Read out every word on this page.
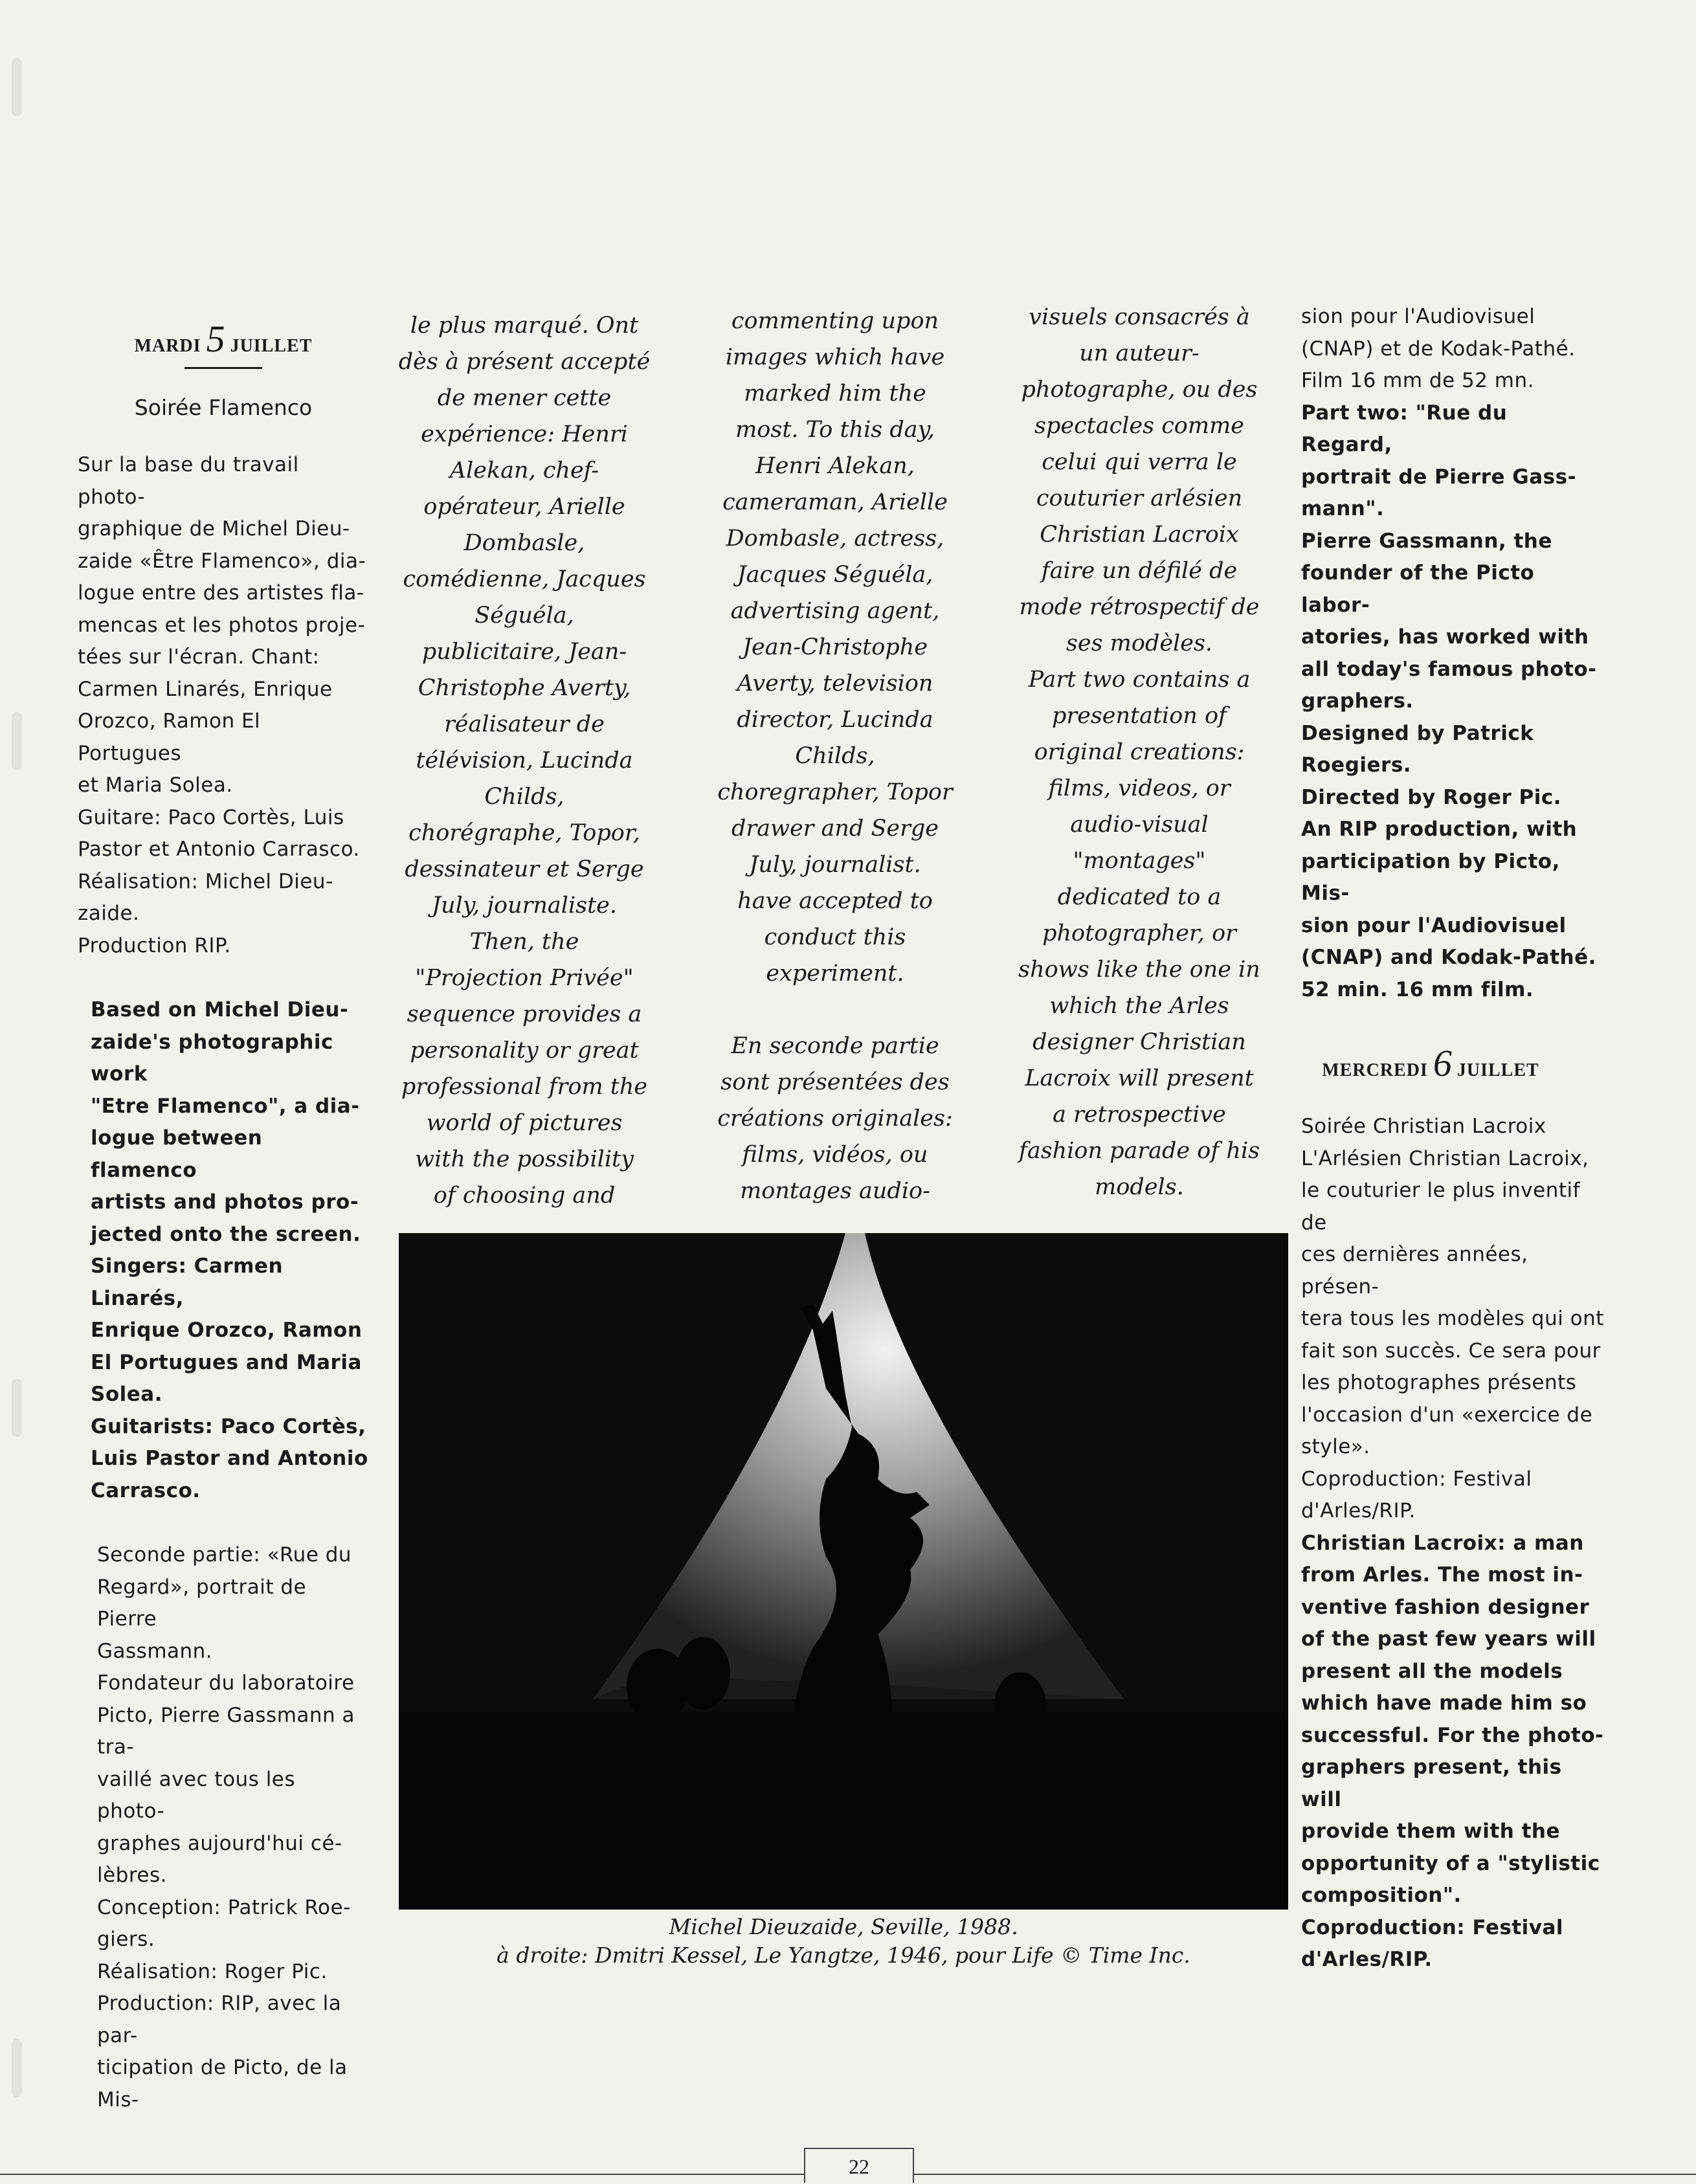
MARDI 5 JUILLET
Soirée Flamenco
Sur la base du travail photo-
graphique de Michel Dieu-
zaide «Être Flamenco», dia-
logue entre des artistes fla-
mencas et les photos proje-
tées sur l'écran. Chant:
Carmen Linarés, Enrique
Orozco, Ramon El Portugues
et Maria Solea.
Guitare: Paco Cortès, Luis
Pastor et Antonio Carrasco.
Réalisation: Michel Dieu-
zaide.
Production RIP.
Based on Michel Dieu-
zaide's photographic work
"Etre Flamenco", a dia-
logue between flamenco
artists and photos pro-
jected onto the screen.
Singers: Carmen Linarés,
Enrique Orozco, Ramon
El Portugues and Maria
Solea.
Guitarists: Paco Cortès,
Luis Pastor and Antonio
Carrasco.
Seconde partie: «Rue du
Regard», portrait de Pierre
Gassmann.
Fondateur du laboratoire
Picto, Pierre Gassmann a tra-
vaillé avec tous les photo-
graphes aujourd'hui cé-
lèbres.
Conception: Patrick Roe-
giers.
Réalisation: Roger Pic.
Production: RIP, avec la par-
ticipation de Picto, de la Mis-
le plus marqué. Ont
dès à présent accepté
de mener cette
expérience: Henri
Alekan, chef-
opérateur, Arielle
Dombasle,
comédienne, Jacques
Séguéla,
publicitaire, Jean-
Christophe Averty,
réalisateur de
télévision, Lucinda
Childs,
chorégraphe, Topor,
dessinateur et Serge
July, journaliste.
Then, the
"Projection Privée"
sequence provides a
personality or great
professional from the
world of pictures
with the possibility
of choosing and
commenting upon
images which have
marked him the
most. To this day,
Henri Alekan,
cameraman, Arielle
Dombasle, actress,
Jacques Séguéla,
advertising agent,
Jean-Christophe
Averty, television
director, Lucinda
Childs,
choregrapher, Topor
drawer and Serge
July, journalist.
have accepted to
conduct this
experiment.
En seconde partie
sont présentées des
créations originales:
films, vidéos, ou
montages audio-
visuels consacrés à
un auteur-
photographe, ou des
spectacles comme
celui qui verra le
couturier arlésien
Christian Lacroix
faire un défilé de
mode rétrospectif de
ses modèles.
Part two contains a
presentation of
original creations:
films, videos, or
audio-visual
"montages"
dedicated to a
photographer, or
shows like the one in
which the Arles
designer Christian
Lacroix will present
a retrospective
fashion parade of his
models.
sion pour l'Audiovisuel
(CNAP) et de Kodak-Pathé.
Film 16 mm de 52 mn.
Part two: "Rue du Regard,
portrait de Pierre Gass-
mann".
Pierre Gassmann, the
founder of the Picto labor-
atories, has worked with
all today's famous photo-
graphers.
Designed by Patrick
Roegiers.
Directed by Roger Pic.
An RIP production, with
participation by Picto, Mis-
sion pour l'Audiovisuel
(CNAP) and Kodak-Pathé.
52 min. 16 mm film.
MERCREDI 6 JUILLET
Soirée Christian Lacroix
L'Arlésien Christian Lacroix,
le couturier le plus inventif de
ces dernières années, présen-
tera tous les modèles qui ont
fait son succès. Ce sera pour
les photographes présents
l'occasion d'un «exercice de
style».
Coproduction: Festival
d'Arles/RIP.
Christian Lacroix: a man
from Arles. The most in-
ventive fashion designer
of the past few years will
present all the models
which have made him so
successful. For the photo-
graphers present, this will
provide them with the
opportunity of a "stylistic
composition".
Coproduction: Festival
d'Arles/RIP.
Michel Dieuzaide, Seville, 1988.
à droite: Dmitri Kessel, Le Yangtze, 1946, pour Life © Time Inc.
22
